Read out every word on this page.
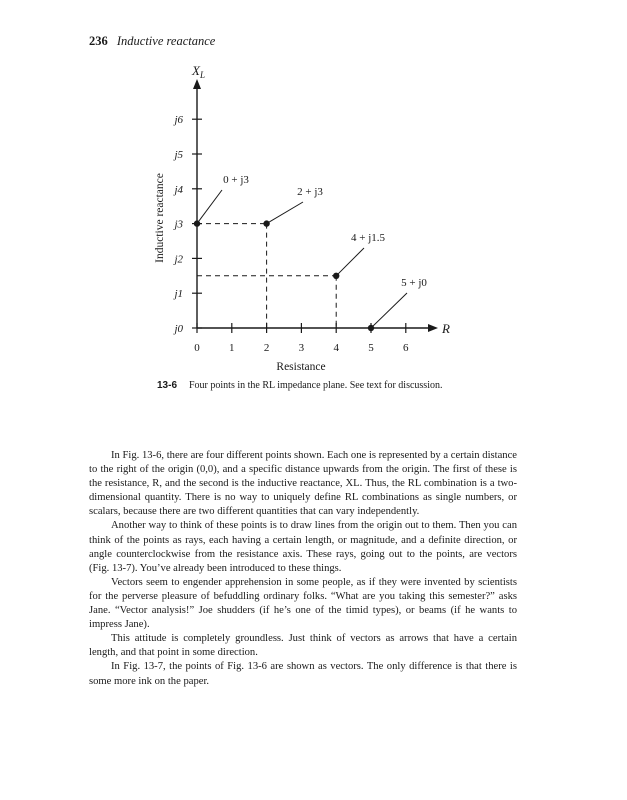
236 Inductive reactance
$X_L$
R
Inductive reactance
Resistance
j0
j1
j2
j3
j4
j5
j6
0	1	2	3	4	5	6
0 + j3
2 + j3
4 + j1.5
5 + j0
13-6 Four points in the RL impedance plane. See text for discussion.

In Fig. 13-6, there are four different points shown. Each one is represented by a certain distance to the right of the origin (0,0), and a specific distance upwards from the origin. The first of these is the resistance, R, and the second is the inductive reactance, XL. Thus, the RL combination is a two-dimensional quantity. There is no way to uniquely define RL combinations as single numbers, or scalars, because there are two different quantities that can vary independently.

Another way to think of these points is to draw lines from the origin out to them. Then you can think of the points as rays, each having a certain length, or magnitude, and a definite direction, or angle counterclockwise from the resistance axis. These rays, going out to the points, are vectors (Fig. 13-7). You’ve already been introduced to these things.

Vectors seem to engender apprehension in some people, as if they were invented by scientists for the perverse pleasure of befuddling ordinary folks. “What are you taking this semester?” asks Jane. “Vector analysis!” Joe shudders (if he’s one of the timid types), or beams (if he wants to impress Jane).

This attitude is completely groundless. Just think of vectors as arrows that have a certain length, and that point in some direction.

In Fig. 13-7, the points of Fig. 13-6 are shown as vectors. The only difference is that there is some more ink on the paper.
